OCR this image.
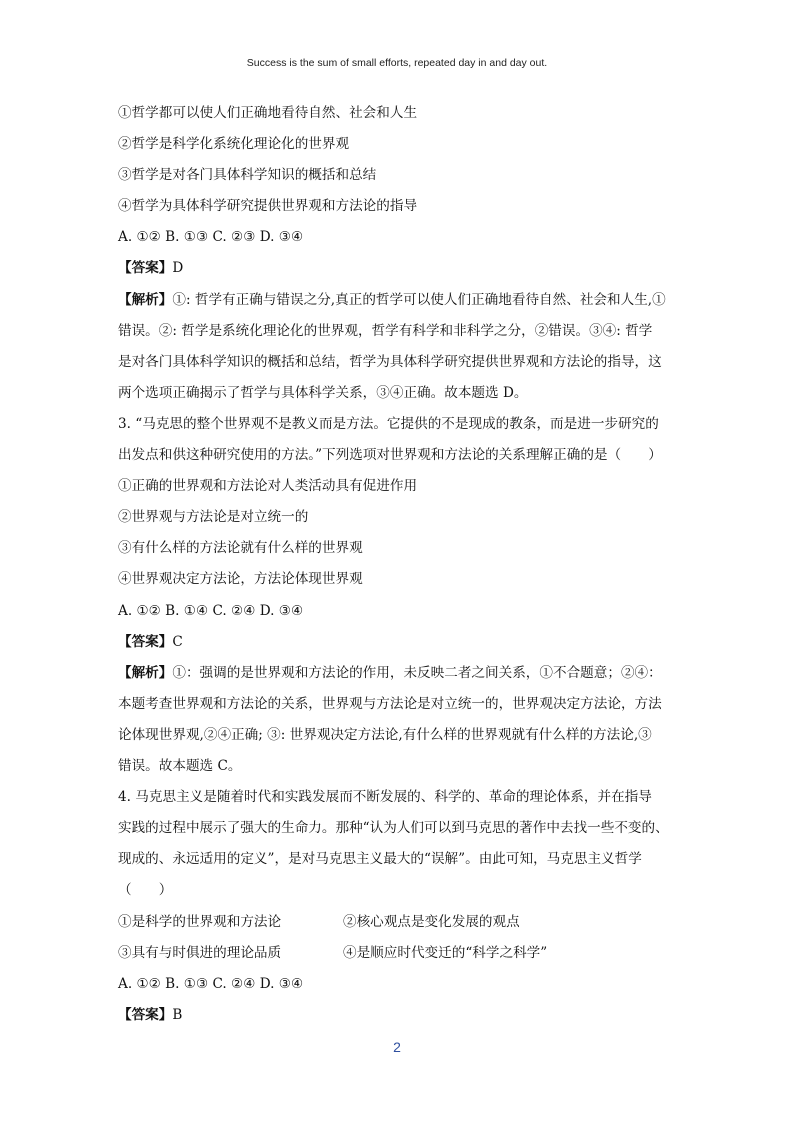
Success is the sum of small efforts, repeated day in and day out.
①哲学都可以使人们正确地看待自然、社会和人生
②哲学是科学化系统化理论化的世界观
③哲学是对各门具体科学知识的概括和总结
④哲学为具体科学研究提供世界观和方法论的指导
A. ①② B. ①③ C. ②③ D. ③④
【答案】D
【解析】①: 哲学有正确与错误之分,真正的哲学可以使人们正确地看待自然、社会和人生,①
错误。②: 哲学是系统化理论化的世界观，哲学有科学和非科学之分，②错误。③④: 哲学
是对各门具体科学知识的概括和总结，哲学为具体科学研究提供世界观和方法论的指导，这
两个选项正确揭示了哲学与具体科学关系，③④正确。故本题选 D。
3. “马克思的整个世界观不是教义而是方法。它提供的不是现成的教条，而是进一步研究的
出发点和供这种研究使用的方法。”下列选项对世界观和方法论的关系理解正确的是（　　）
①正确的世界观和方法论对人类活动具有促进作用
②世界观与方法论是对立统一的
③有什么样的方法论就有什么样的世界观
④世界观决定方法论，方法论体现世界观
A. ①② B. ①④ C. ②④ D. ③④
【答案】C
【解析】①：强调的是世界观和方法论的作用，未反映二者之间关系，①不合题意；②④：
本题考查世界观和方法论的关系，世界观与方法论是对立统一的，世界观决定方法论，方法
论体现世界观,②④正确; ③: 世界观决定方法论,有什么样的世界观就有什么样的方法论,③
错误。故本题选 C。
4. 马克思主义是随着时代和实践发展而不断发展的、科学的、革命的理论体系，并在指导
实践的过程中展示了强大的生命力。那种“认为人们可以到马克思的著作中去找一些不变的、
现成的、永远适用的定义”，是对马克思主义最大的“误解”。由此可知，马克思主义哲学
（　　）
①是科学的世界观和方法论	②核心观点是变化发展的观点
③具有与时俱进的理论品质	④是顺应时代变迁的“科学之科学”
A. ①② B. ①③ C. ②④ D. ③④
【答案】B
2
